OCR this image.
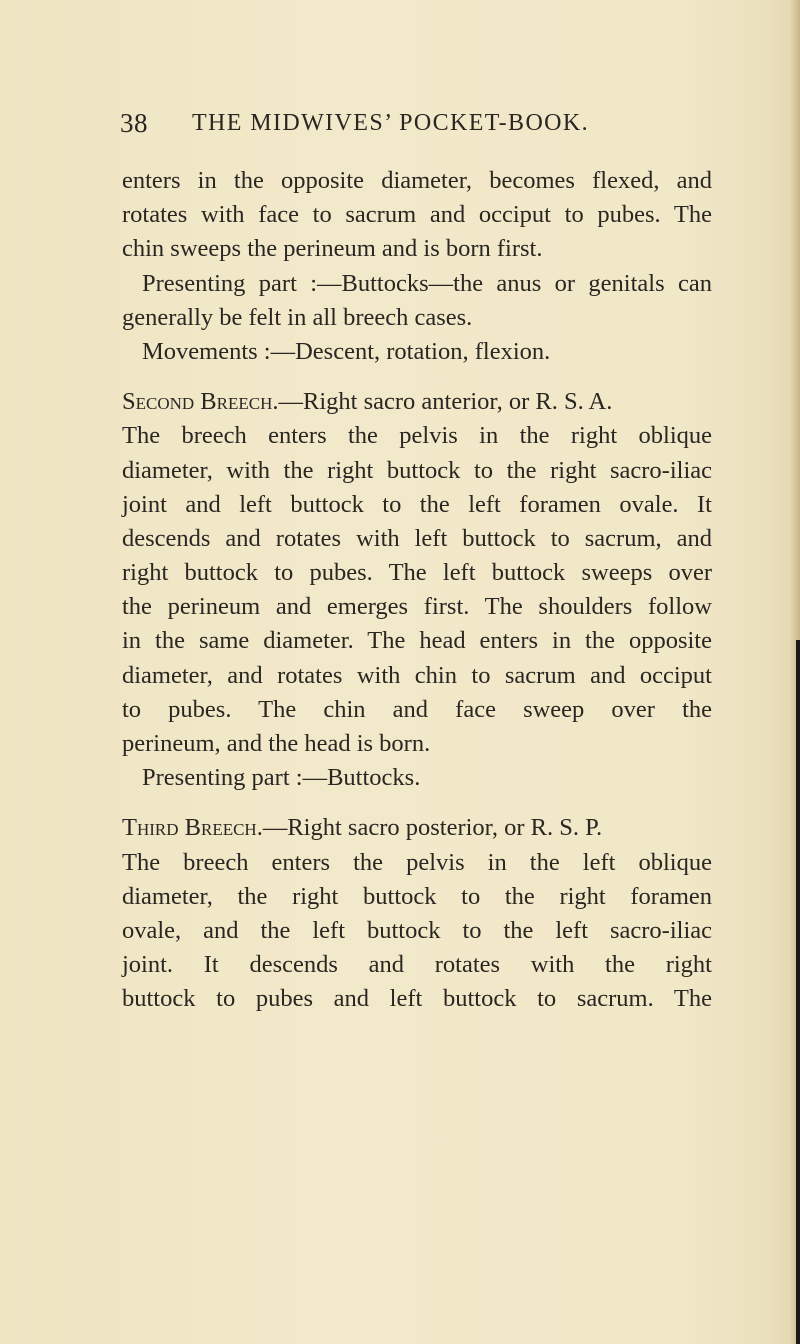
38 THE MIDWIVES’ POCKET-BOOK.
enters in the opposite diameter, becomes flexed, and
rotates with face to sacrum and occiput to pubes. The
chin sweeps the perineum and is born first.
Presenting part :—Buttocks—the anus or genitals can
generally be felt in all breech cases.
Movements :—Descent, rotation, flexion.
Second Breech.—Right sacro anterior, or R. S. A.
The breech enters the pelvis in the right oblique
diameter, with the right buttock to the right sacro-iliac
joint and left buttock to the left foramen ovale. It
descends and rotates with left buttock to sacrum, and
right buttock to pubes. The left buttock sweeps over
the perineum and emerges first. The shoulders follow
in the same diameter. The head enters in the opposite
diameter, and rotates with chin to sacrum and occiput
to pubes. The chin and face sweep over the
perineum, and the head is born.
Presenting part :—Buttocks.
Third Breech.—Right sacro posterior, or R. S. P.
The breech enters the pelvis in the left oblique
diameter, the right buttock to the right foramen
ovale, and the left buttock to the left sacro-iliac
joint. It descends and rotates with the right
buttock to pubes and left buttock to sacrum. The
